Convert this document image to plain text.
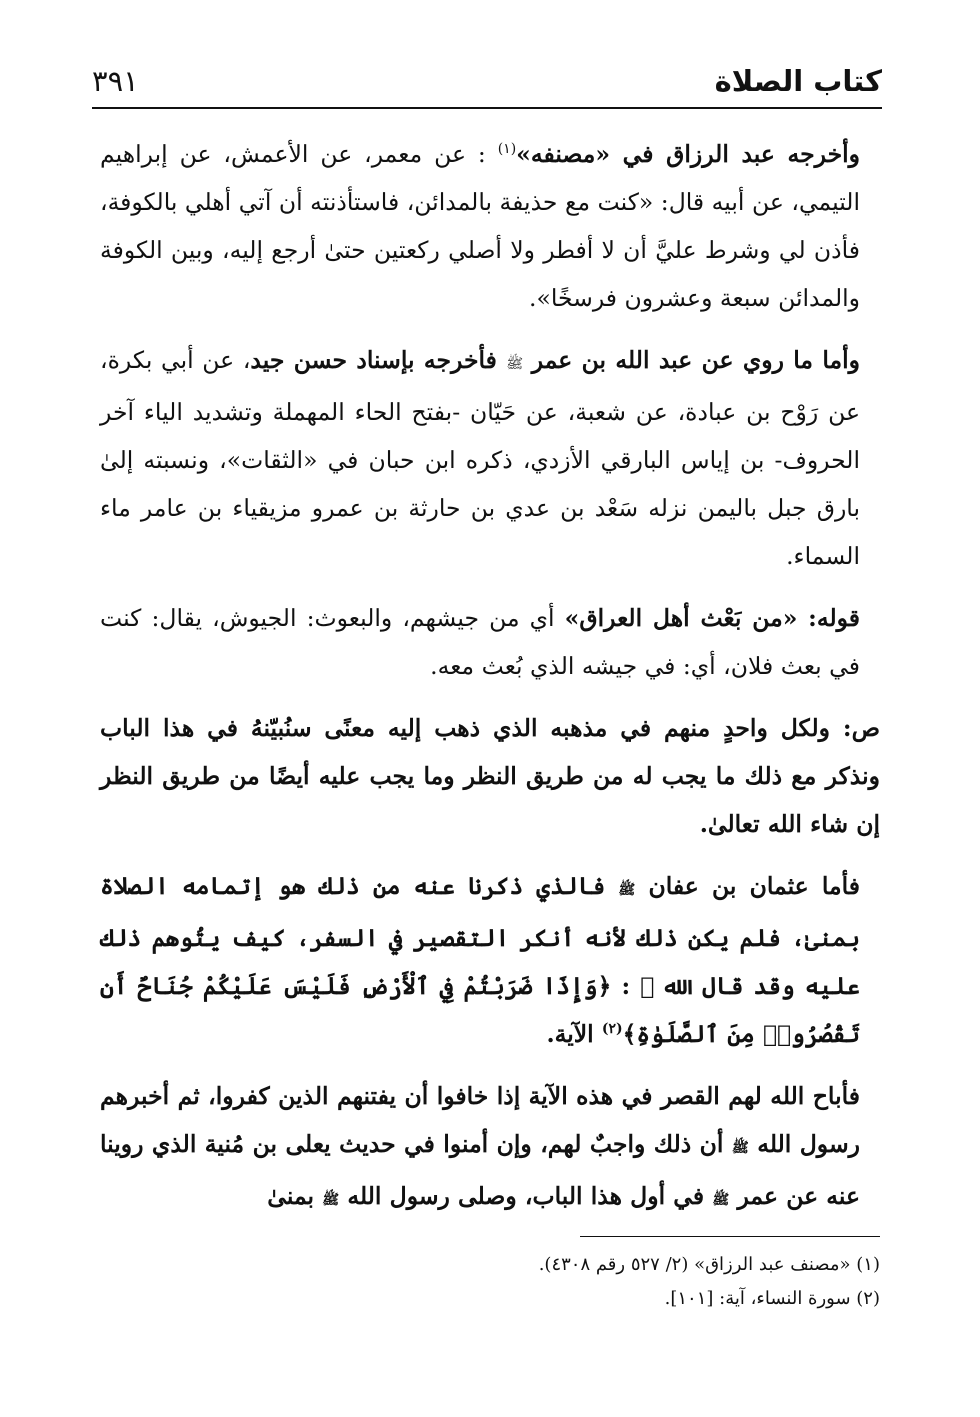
كتاب الصلاة
٣٩١

وأخرجه عبد الرزاق في «مصنفه»$^{(١)}$ : عن معمر، عن الأعمش، عن إبراهيم التيمي، عن أبيه قال: «كنت مع حذيفة بالمدائن، فاستأذنته أن آتي أهلي بالكوفة، فأذن لي وشرط عليَّ أن لا أفطر ولا أصلي ركعتين حتىٰ أرجع إليه، وبين الكوفة والمدائن سبعة وعشرون فرسخًا».

وأما ما روي عن عبد الله بن عمر ﷺ فأخرجه بإسناد حسن جيد، عن أبي بكرة، عن رَوْح بن عبادة، عن شعبة، عن حَيّان -بفتح الحاء المهملة وتشديد الياء آخر الحروف- بن إياس البارقي الأزدي، ذكره ابن حبان في «الثقات»، ونسبته إلىٰ بارق جبل باليمن نزله سَعْد بن عدي بن حارثة بن عمرو مزيقياء بن عامر ماء السماء.

قوله: «من بَعْث أهل العراق» أي من جيشهم، والبعوث: الجيوش، يقال: كنت في بعث فلان، أي: في جيشه الذي بُعث معه.

ص: ولكل واحدٍ منهم في مذهبه الذي ذهب إليه معنًى سنُبيّنهُ في هذا الباب ونذكر مع ذلك ما يجب له من طريق النظر وما يجب عليه أيضًا من طريق النظر إن شاء الله تعالىٰ.

فأما عثمان بن عفان ﷺ فالذي ذكرنا عنه من ذلك هو إتمامه الصلاة بمنىٰ، فلم يكن ذلك لأنه أنكر التقصير في السفر، كيف يتُوهم ذلك عليه وقد قال الله ﷻ : ﴿وَإِذَا ضَرَبْتُمْ فِي ٱلْأَرْضِ فَلَيْسَ عَلَيْكُمْ جُنَاحٌ أَن تَقْصُرُوا۟ مِنَ ٱلصَّلَوٰةِ﴾$^{(٢)}$ الآية.

فأباح الله لهم القصر في هذه الآية إذا خافوا أن يفتنهم الذين كفروا، ثم أخبرهم رسول الله ﷺ أن ذلك واجبٌ لهم، وإن أمنوا في حديث يعلى بن مُنية الذي روينا عنه عن عمر ﷺ في أول هذا الباب، وصلى رسول الله ﷺ بمنىٰ

(١) «مصنف عبد الرزاق» (٢/ ٥٢٧ رقم ٤٣٠٨).

(٢) سورة النساء، آية: [١٠١].
